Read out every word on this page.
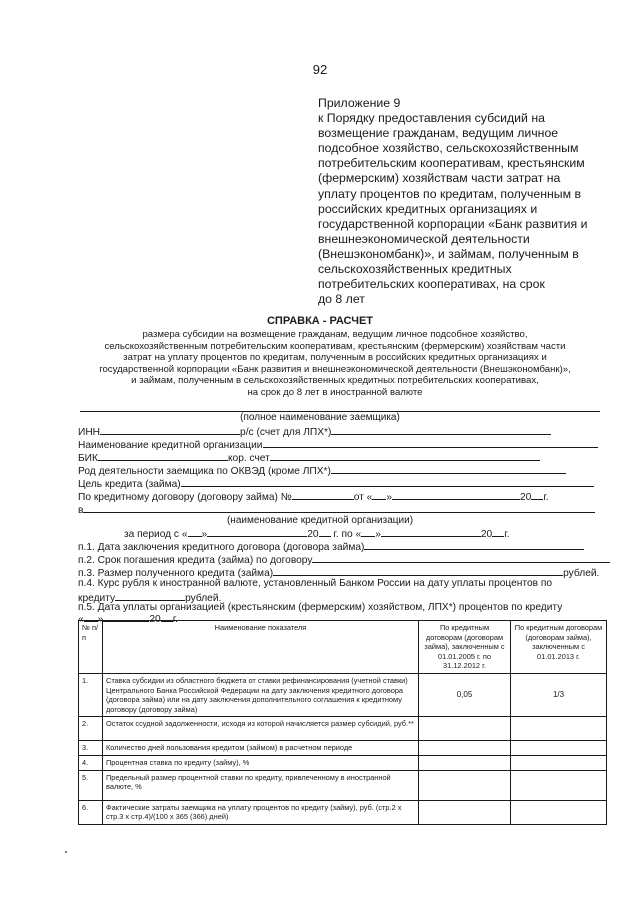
92
Приложение 9
к Порядку предоставления субсидий на
возмещение гражданам, ведущим личное
подсобное хозяйство, сельскохозяйственным
потребительским кооперативам, крестьянским
(фермерским) хозяйствам части затрат на
уплату процентов по кредитам, полученным в
российских кредитных организациях и
государственной корпорации «Банк развития и
внешнеэкономической деятельности
(Внешэкономбанк)», и займам, полученным в
сельскохозяйственных кредитных
потребительских кооперативах, на срок
до 8 лет
СПРАВКА - РАСЧЕТ
размера субсидии на возмещение гражданам, ведущим личное подсобное хозяйство,
сельскохозяйственным потребительским кооперативам, крестьянским (фермерским) хозяйствам части
затрат на уплату процентов по кредитам, полученным в российских кредитных организациях и
государственной корпорации «Банк развития и внешнеэкономической деятельности (Внешэкономбанк)»,
и займам, полученным в сельскохозяйственных кредитных потребительских кооперативах,
на срок до 8 лет в иностранной валюте
(полное наименование заемщика)
ИНН	р/с (счет для ЛПХ*)
Наименование кредитной организации
БИК	кор. счет
Род деятельности заемщика по ОКВЭД (кроме ЛПХ*)
Цель кредита (займа)
По кредитному договору (договору займа) №	от « »	20 г.
в
(наименование кредитной организации)
за период с « »	20 г. по « »	20 г.
п.1. Дата заключения кредитного договора (договора займа)
п.2. Срок погашения кредита (займа) по договору
п.3. Размер полученного кредита (займа)	рублей.
п.4. Курс рубля к иностранной валюте, установленный Банком России на дату уплаты процентов по
кредиту	рублей.
п.5. Дата уплаты организацией (крестьянским (фермерским) хозяйством, ЛПХ*) процентов по кредиту
« »	20 г.
№ п/п	Наименование показателя	По кредитным договорам (договорам займа), заключенным с 01.01.2005 г. по 31.12.2012 г.	По кредитным договорам (договорам займа), заключенным с 01.01.2013 г.
1.	Ставка субсидии из областного бюджета от ставки рефинансирования (учетной ставки) Центрального Банка Российской Федерации на дату заключения кредитного договора (договора займа) или на дату заключения дополнительного соглашения к кредитному договору (договору займа)	0,05	1/3
2.	Остаток ссудной задолженности, исходя из которой начисляется размер субсидий, руб.**		
3.	Количество дней пользования кредитом (займом) в расчетном периоде		
4.	Процентная ставка по кредиту (займу), %		
5.	Предельный размер процентной ставки по кредиту, привлеченному в иностранной валюте, %		
6.	Фактические затраты заемщика на уплату процентов по кредиту (займу), руб. (стр.2 х стр.3 х стр.4)/(100 х 365 (366) дней)		
